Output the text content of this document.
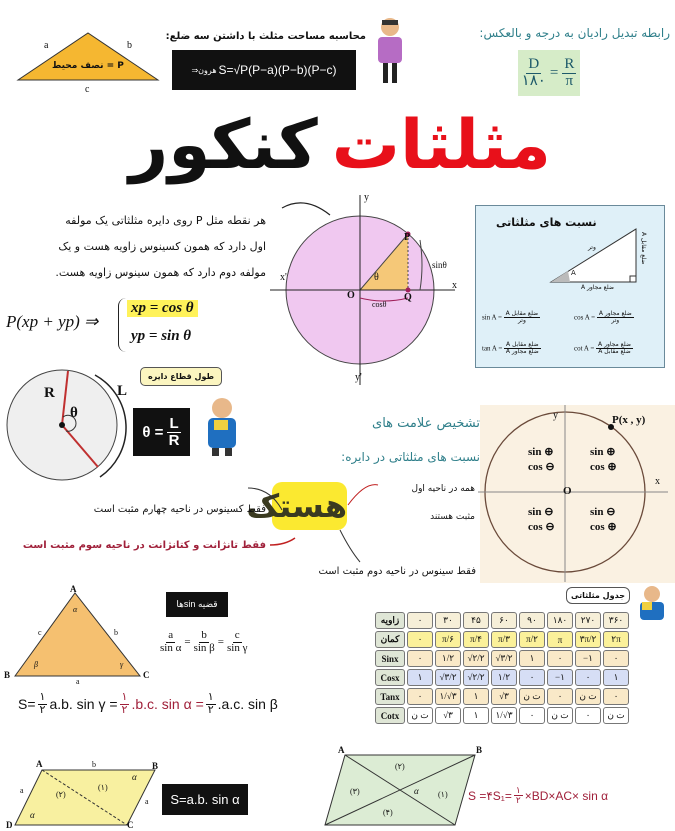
a	b
c
P = نصف محیط
محاسبه مساحت مثلث با داشتن سه ضلع:
هرون⇒ S=√P(P−a)(P−b)(P−c)
رابطه تبدیل رادیان به درجه و بالعکس:
$\frac{D}{۱۸۰} = \frac{R}{\pi}$
مثلثات
کنکور
هر نقطه مثل P روی دایره مثلثاتی یک مولفه
اول دارد که همون کسینوس زاویه هست و یک
مولفه دوم دارد که همون سینوس زاویه هست.
P(xp + yp) ⇒
xp = cos θ
yp = sin θ
x'
x
y
y'
O
P
Q
θ
sinθ
cosθ
نسبت های مثلثاتی
وتر
ضلع مقابل A
ضلع مجاور A
A
$\sin A = \frac{\text{ضلع مقابل A}}{\text{وتر}}$	$\cos A = \frac{\text{ضلع مجاور A}}{\text{وتر}}$
$\tan A = \frac{\text{ضلع مقابل A}}{\text{ضلع مجاور A}}$	$\cot A = \frac{\text{ضلع مجاور A}}{\text{ضلع مقابل A}}$
R
θ
L
طول قطاع دایره
$\theta = \frac{L}{R}$	تشخیص علامت های
نسبت های مثلثاتی در دایره:
P(x , y)
O
x
y
sin ⊕
cos ⊖
sin ⊕
cos ⊕
sin ⊖
cos ⊖
sin ⊖
cos ⊕
هستک	همه در ناحیه اول
مثبت هستند
فقط کسینوس در ناحیه چهارم مثبت است
فقط تانژانت و کتانژانت در ناحیه سوم مثبت است
فقط سینوس در ناحیه دوم مثبت است
A
B	C
a
b
c
α
β	γ
قضیه sinها
$\frac{a}{\text{sin α}} = \frac{b}{\text{sin β}} = \frac{c}{\text{sin γ}}$
$S= \frac{۱}{۲} a.b$. $\sin \gamma = \frac{۱}{۲} .b.c$. $\sin \alpha = \frac{۱}{۲} .a.c$. sin β
جدول مثلثاتی
زاویه	۰	۳۰	۴۵	۶۰	۹۰	۱۸۰	۲۷۰	۳۶۰
کمان	۰	π/۶	π/۴	π/۳	π/۲	π	۳π/۲	۲π
Sinx	۰	۱/۲	√۲/۲	√۳/۲	۱	۰	−۱	۰
Cosx	۱	√۳/۲	√۲/۲	۱/۲	۰	−۱	۰	۱
Tanx	۰	۱/√۳	۱	√۳	ت ن	۰	ت ن	۰
Cotx	ت ن	√۳	۱	۱/√۳	۰	ت ن	۰	ت ن
A	B
C
D
b
a
a
(۲)
(۱)
α
α
S=a.b. sin α
A	B
(۱)
(۲)
(۳)
(۴)
α	S =۴S₁= $\frac{۱}{۲} \times BD\times AC\times \sin \alpha$
